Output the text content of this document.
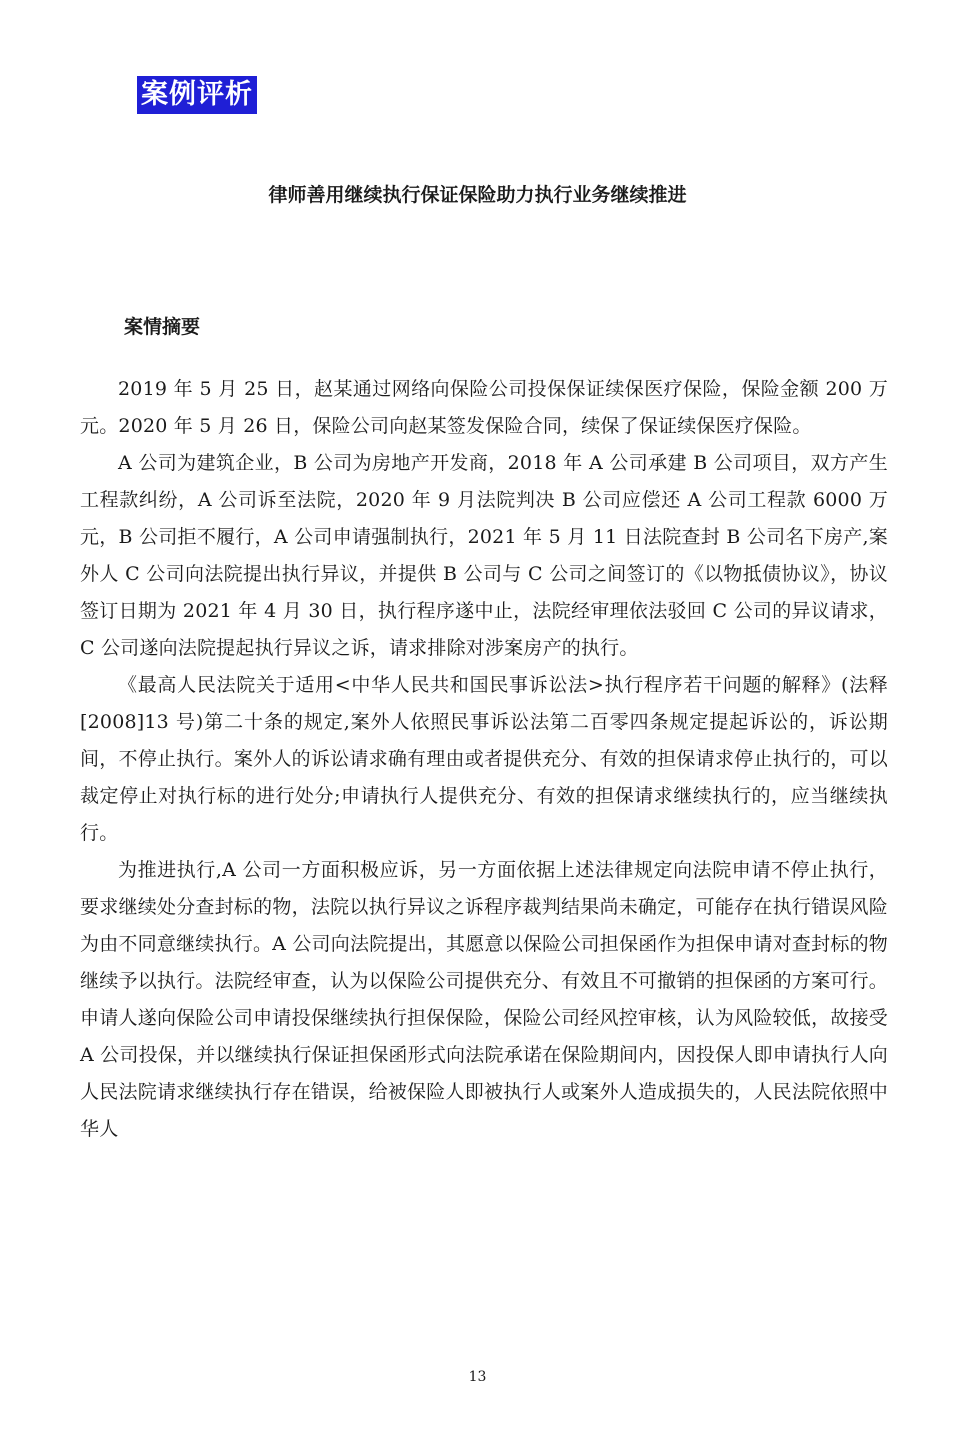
案例评析
律师善用继续执行保证保险助力执行业务继续推进
案情摘要

2019 年 5 月 25 日，赵某通过网络向保险公司投保保证续保医疗保险，保险金额 200 万元。2020 年 5 月 26 日，保险公司向赵某签发保险合同，续保了保证续保医疗保险。

A 公司为建筑企业，B 公司为房地产开发商，2018 年 A 公司承建 B 公司项目，双方产生工程款纠纷，A 公司诉至法院，2020 年 9 月法院判决 B 公司应偿还 A 公司工程款 6000 万元，B 公司拒不履行，A 公司申请强制执行，2021 年 5 月 11 日法院查封 B 公司名下房产,案外人 C 公司向法院提出执行异议，并提供 B 公司与 C 公司之间签订的《以物抵债协议》，协议签订日期为 2021 年 4 月 30 日，执行程序遂中止，法院经审理依法驳回 C 公司的异议请求，C 公司遂向法院提起执行异议之诉，请求排除对涉案房产的执行。

《最高人民法院关于适用<中华人民共和国民事诉讼法>执行程序若干问题的解释》(法释[2008]13 号)第二十条的规定,案外人依照民事诉讼法第二百零四条规定提起诉讼的，诉讼期间，不停止执行。案外人的诉讼请求确有理由或者提供充分、有效的担保请求停止执行的，可以裁定停止对执行标的进行处分;申请执行人提供充分、有效的担保请求继续执行的，应当继续执行。

为推进执行,A 公司一方面积极应诉，另一方面依据上述法律规定向法院申请不停止执行，要求继续处分查封标的物，法院以执行异议之诉程序裁判结果尚未确定，可能存在执行错误风险为由不同意继续执行。A 公司向法院提出，其愿意以保险公司担保函作为担保申请对查封标的物继续予以执行。法院经审查，认为以保险公司提供充分、有效且不可撤销的担保函的方案可行。申请人遂向保险公司申请投保继续执行担保保险，保险公司经风控审核，认为风险较低，故接受 A 公司投保，并以继续执行保证担保函形式向法院承诺在保险期间内，因投保人即申请执行人向人民法院请求继续执行存在错误，给被保险人即被执行人或案外人造成损失的，人民法院依照中华人

13
